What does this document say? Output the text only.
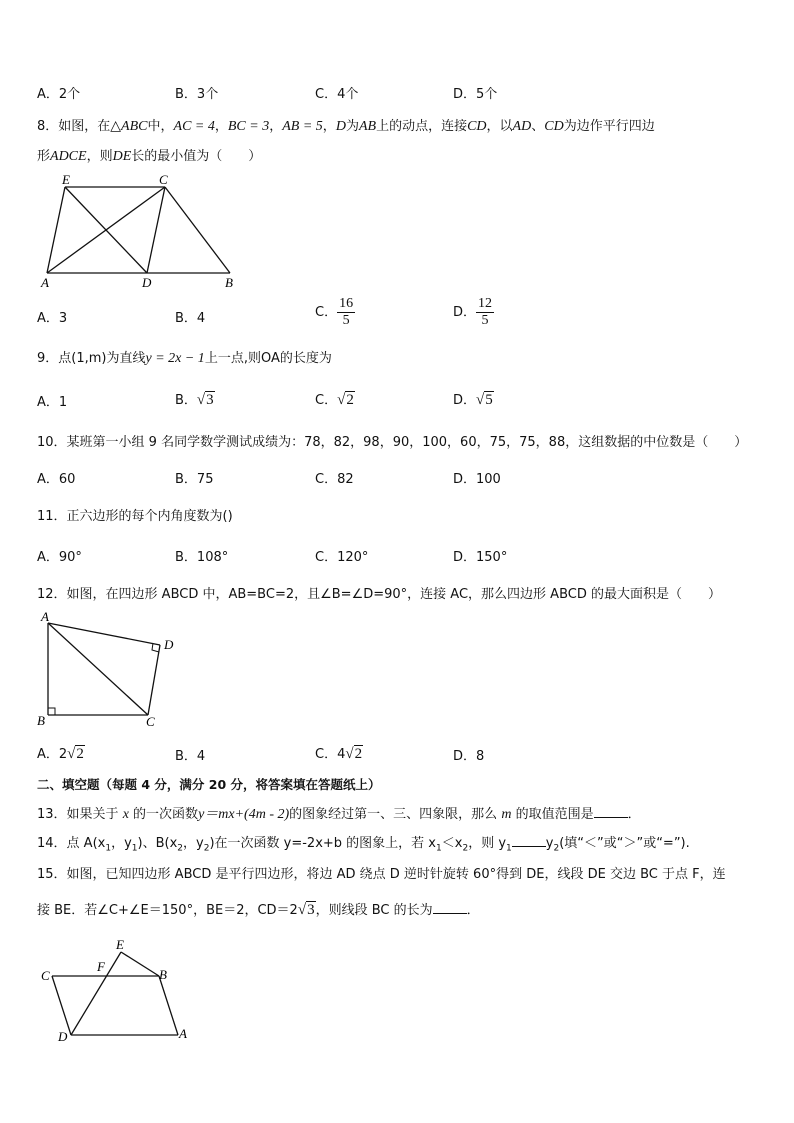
A．2个	B．3个	C．4个	D．5个
8．如图，在△ABC中，AC = 4，BC = 3，AB = 5，D为AB上的动点，连接CD，以AD、CD为边作平行四边
形ADCE，则DE长的最小值为（　　）
E	C
A	D	B
A．3	B．4	C． $\frac{16}{5}$	D． $\frac{12}{5}$
9．点(1,m)为直线y = 2x − 1上一点,则OA的长度为
A．1	B．√3	C．√2	D．√5
10．某班第一小组 9 名同学数学测试成绩为：78，82，98，90，100，60，75，75，88，这组数据的中位数是（　　）
A．60	B．75	C．82	D．100
11．正六边形的每个内角度数为()
A．90°	B．108°	C．120°	D．150°
12．如图，在四边形 ABCD 中，AB=BC=2，且∠B=∠D=90°，连接 AC，那么四边形 ABCD 的最大面积是（　　）
A
B	C
D
A．2√2	B．4	C．4√2	D．8
二、填空题（每题 4 分，满分 20 分，将答案填在答题纸上）
13．如果关于 x 的一次函数y＝mx+(4m - 2)的图象经过第一、三、四象限，那么 m 的取值范围是	．
14．点 $A(x_1$，$y_1$)、$B(x_2$，$y_2$)在一次函数 y=-2x+b 的图象上，若 $x_1<x_2$，则 $y_1$	$y_2$(填“＜”或“＞”或“=”).
15．如图，已知四边形 ABCD 是平行四边形，将边 AD 绕点 D 逆时针旋转 60°得到 DE，线段 DE 交边 BC 于点 F，连
接 BE．若∠C+∠E＝150°，BE＝2，CD＝2√3，则线段 BC 的长为	．
E
F
C	B
D	A
